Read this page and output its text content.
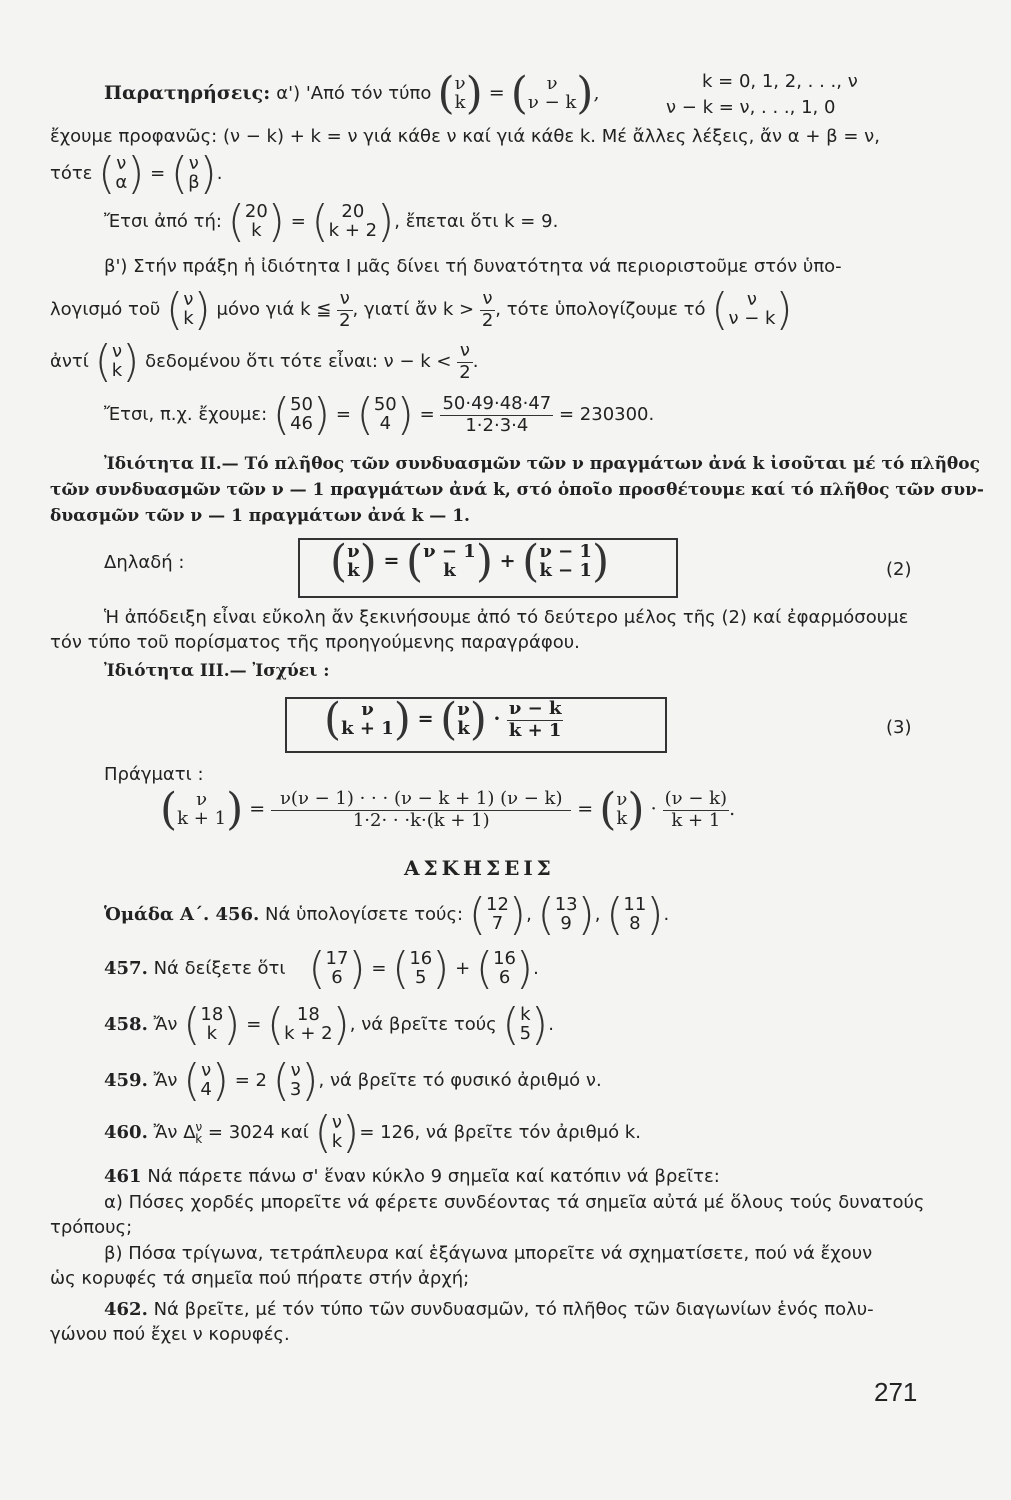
Παρατηρήσεις: α') 'Από τόν τύπο (ν
k) = ( ν
ν − k),
k = 0, 1, 2, . . ., ν
ν − k = ν, . . ., 1, 0
ἔχουμε προφανῶς: (ν − k) + k = ν γιά κάθε ν καί γιά κάθε k. Μέ ἄλλες λέξεις, ἄν α + β = ν,
τότε (ν
α) = (ν
β).
Ἔτσι ἀπό τή: (20
k ) = ( 20
k + 2), ἔπεται ὅτι k = 9.
β') Στήν πράξη ἡ ἰδιότητα I μᾶς δίνει τή δυνατότητα νά περιοριστοῦμε στόν ὑπο-
λογισμό τοῦ (ν
k) μόνο γιά k ≦ $\frac{\nu}{2}$ , γιατί ἄν $k > \frac{\nu}{2}$ , τότε ὑπολογίζουμε τό ( ν
ν − k)
ἀντί (ν
k) δεδομένου ὅτι τότε εἶναι: $\nu - k < \frac{\nu}{2}$ .
Ἔτσι, π.χ. ἔχουμε: (50
46) = (50
4 ) = $\frac{50\cdot 49\cdot 48\cdot 47}{1\cdot 2\cdot 3\cdot 4} = 230300$.
Ἰδιότητα II.— Τό πλῆθος τῶν συνδυασμῶν τῶν ν πραγμάτων ἀνά k ἰσοῦται μέ τό πλῆθος
τῶν συνδυασμῶν τῶν ν — 1 πραγμάτων ἀνά k, στό ὁποῖο προσθέτουμε καί τό πλῆθος τῶν συν-
δυασμῶν τῶν ν — 1 πραγμάτων ἀνά k — 1.
Δηλαδή :	(ν
k) = (ν − 1
k ) + (ν − 1
k − 1)	(2)
Ἡ ἀπόδειξη εἶναι εὔκολη ἄν ξεκινήσουμε ἀπό τό δεύτερο μέλος τῆς (2) καί ἐφαρμόσουμε
τόν τύπο τοῦ πορίσματος τῆς προηγούμενης παραγράφου.
Ἰδιότητα III.— Ἰσχύει :
( ν
k + 1) = (ν
$k) \cdot \frac{\nu - k}{k + 1}$	(3)
Πράγματι :
( ν
$k + 1) = \frac{\nu(\nu - 1) \cdot \cdot \cdot (\nu - k + 1) (\nu - k)}{1\cdot 2\cdot \cdot \cdot k\cdot(k + 1)} = (\nu$
$k) \cdot \frac{(\nu - k)}{k + 1}$ .
ΑΣΚΗΣΕΙΣ
Ὁμάδα Α΄. 456. Νά ὑπολογίσετε τούς: (12
7 ), (13
9 ), (11
8 ).
457. Νά δείξετε ὅτι (17
6 ) = (16
5 ) + (16
6 ).
458. Ἄν (18
k ) = ( 18
k + 2), νά βρεῖτε τούς (k
5).
459. Ἄν (ν
4) = 2 (ν
3), νά βρεῖτε τό φυσικό ἀριθμό ν.
460. Ἄν $\Delta^\nu_k = 3024$ καί (ν
k)= 126, νά βρεῖτε τόν ἀριθμό k.
461 Νά πάρετε πάνω σ' ἕναν κύκλο 9 σημεῖα καί κατόπιν νά βρεῖτε:
α) Πόσες χορδές μπορεῖτε νά φέρετε συνδέοντας τά σημεῖα αὐτά μέ ὅλους τούς δυνατούς
τρόπους;
β) Πόσα τρίγωνα, τετράπλευρα καί ἑξάγωνα μπορεῖτε νά σχηματίσετε, πού νά ἔχουν
ὡς κορυφές τά σημεῖα πού πήρατε στήν ἀρχή;
462. Νά βρεῖτε, μέ τόν τύπο τῶν συνδυασμῶν, τό πλῆθος τῶν διαγωνίων ἑνός πολυ-
γώνου πού ἔχει ν κορυφές.
271
